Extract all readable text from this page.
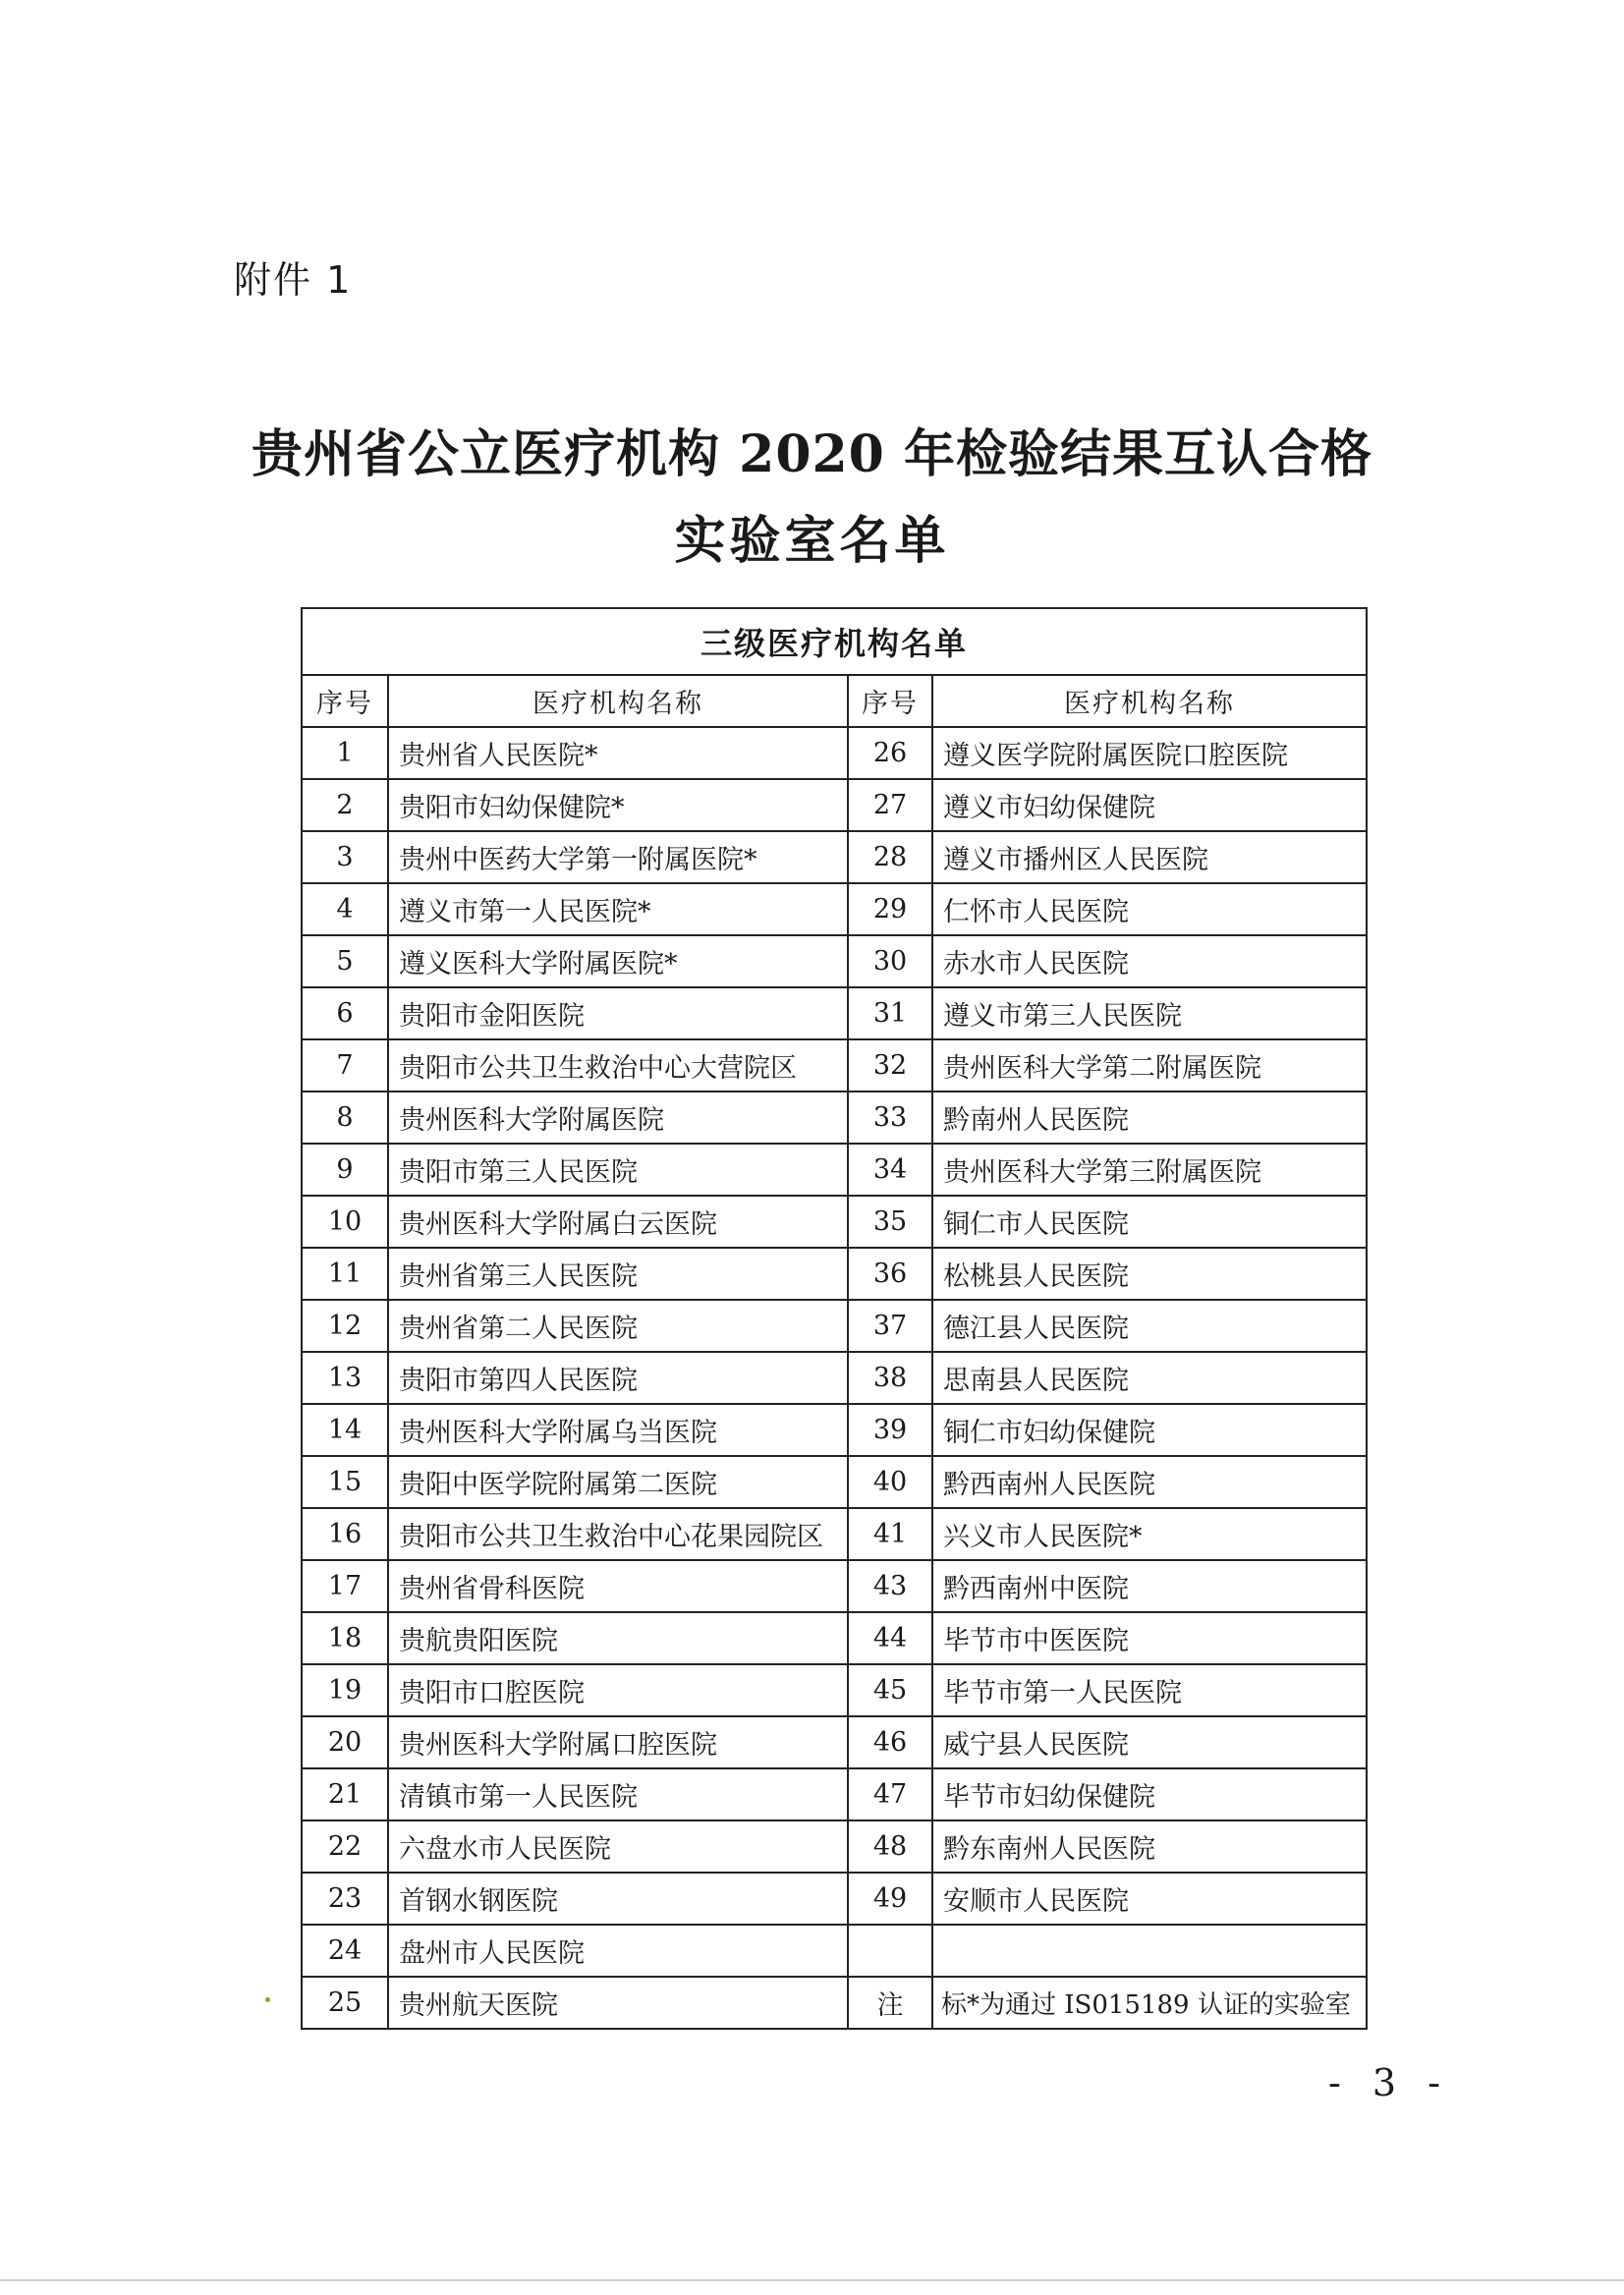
附件 1
贵州省公立医疗机构 2020 年检验结果互认合格
实验室名单
三级医疗机构名单			
序号	医疗机构名称	序号	医疗机构名称
1	贵州省人民医院*	26	遵义医学院附属医院口腔医院
2	贵阳市妇幼保健院*	27	遵义市妇幼保健院
3	贵州中医药大学第一附属医院*	28	遵义市播州区人民医院
4	遵义市第一人民医院*	29	仁怀市人民医院
5	遵义医科大学附属医院*	30	赤水市人民医院
6	贵阳市金阳医院	31	遵义市第三人民医院
7	贵阳市公共卫生救治中心大营院区	32	贵州医科大学第二附属医院
8	贵州医科大学附属医院	33	黔南州人民医院
9	贵阳市第三人民医院	34	贵州医科大学第三附属医院
10	贵州医科大学附属白云医院	35	铜仁市人民医院
11	贵州省第三人民医院	36	松桃县人民医院
12	贵州省第二人民医院	37	德江县人民医院
13	贵阳市第四人民医院	38	思南县人民医院
14	贵州医科大学附属乌当医院	39	铜仁市妇幼保健院
15	贵阳中医学院附属第二医院	40	黔西南州人民医院
16	贵阳市公共卫生救治中心花果园院区	41	兴义市人民医院*
17	贵州省骨科医院	43	黔西南州中医院
18	贵航贵阳医院	44	毕节市中医医院
19	贵阳市口腔医院	45	毕节市第一人民医院
20	贵州医科大学附属口腔医院	46	威宁县人民医院
21	清镇市第一人民医院	47	毕节市妇幼保健院
22	六盘水市人民医院	48	黔东南州人民医院
23	首钢水钢医院	49	安顺市人民医院
24	盘州市人民医院		
25	贵州航天医院	注	标*为通过 IS015189 认证的实验室
- 3 -
